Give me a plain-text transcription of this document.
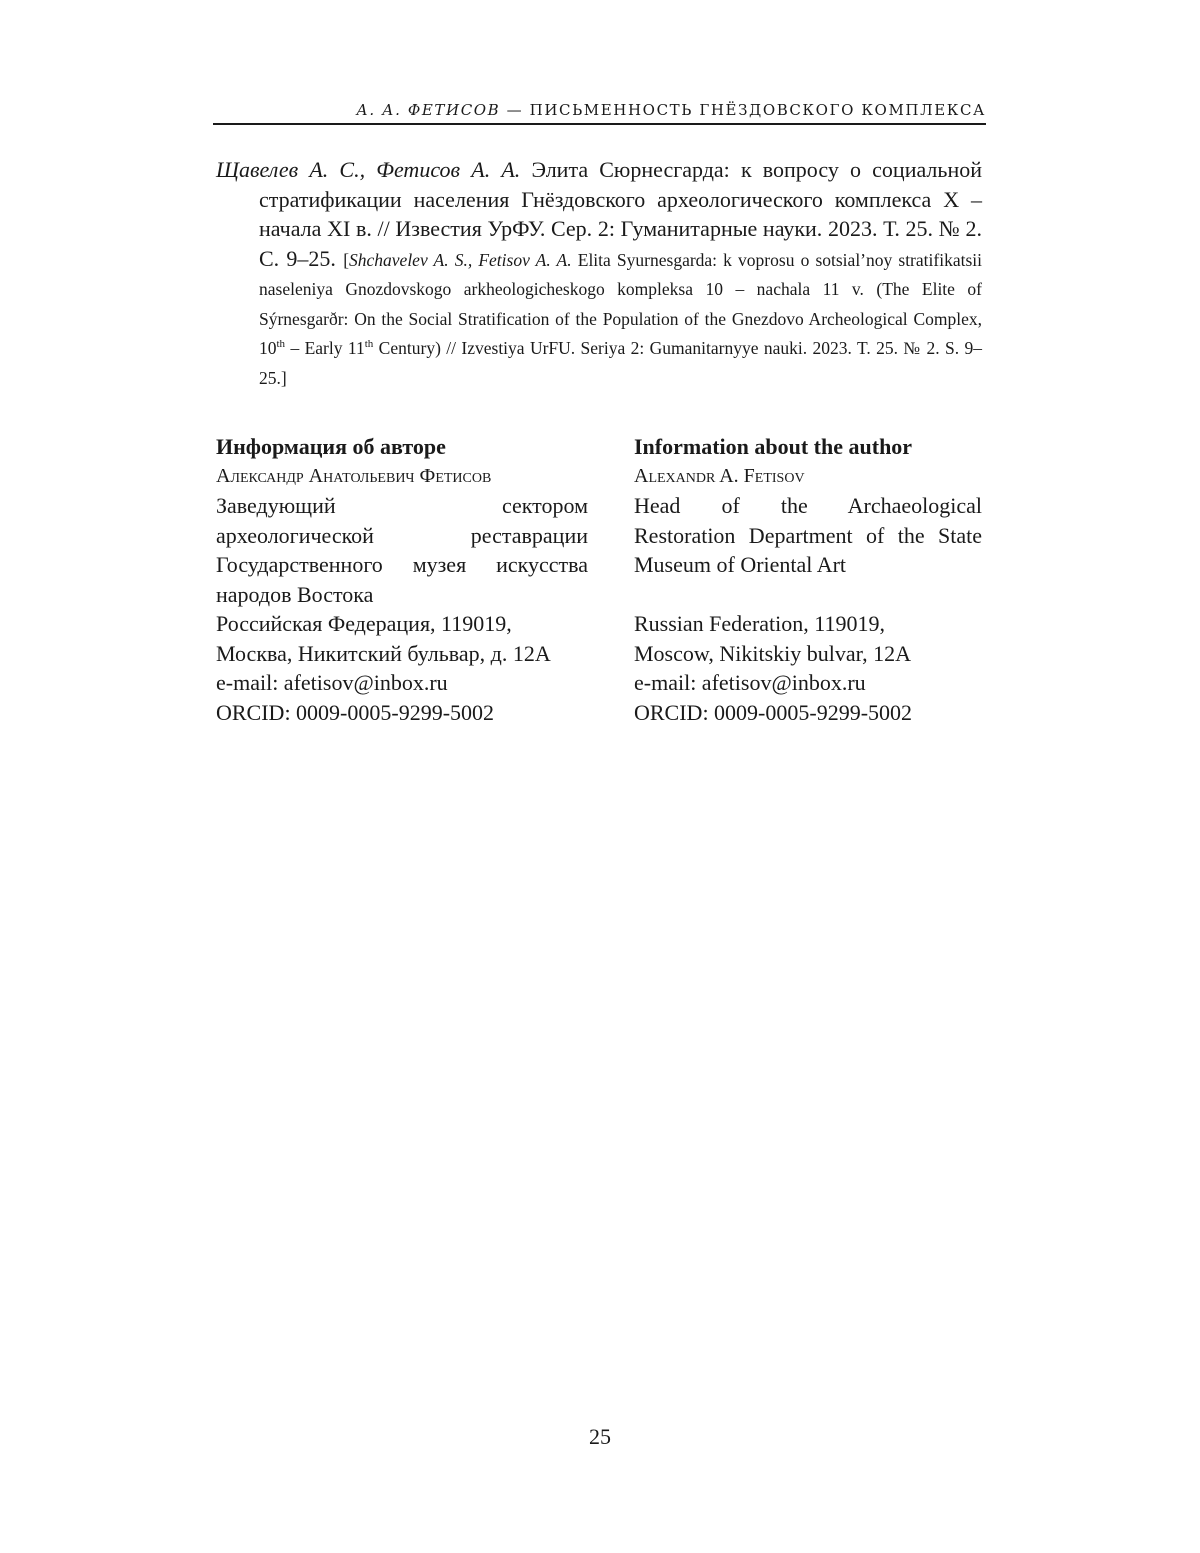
А. А. ФЕТИСОВ — ПИСЬМЕННОСТЬ ГНЁЗДОВСКОГО КОМПЛЕКСА
Щавелев А. С., Фетисов А. А. Элита Сюрнесгарда: к вопросу о социальной стратификации населения Гнёздовского археологического комплекса X – начала XI в. // Известия УрФУ. Сер. 2: Гуманитарные науки. 2023. Т. 25. № 2. С. 9–25. [Shchavelev A. S., Fetisov A. A. Elita Syurnesgarda: k voprosu o sotsial’noy stratifikatsii naseleniya Gnozdovskogo arkheologicheskogo kompleksa 10 – nachala 11 v. (The Elite of Sýrnesgarðr: On the Social Stratification of the Population of the Gnezdovo Archeological Complex, 10th – Early 11th Century) // Izvestiya UrFU. Seriya 2: Gumanitarnyye nauki. 2023. T. 25. № 2. S. 9–25.]

Информация об авторе

Александр Анатольевич Фетисов

Заведующий сектором археологической реставрации Государственного музея искусства народов Востока

Российская Федерация, 119019,

Москва, Никитский бульвар, д. 12А

e-mail: afetisov@inbox.ru

ORCID: 0009-0005-9299-5002

Information about the author

Alexandr A. Fetisov

Head of the Archaeological Restoration Department of the State Museum of Oriental Art

Russian Federation, 119019,

Moscow, Nikitskiy bulvar, 12A

e-mail: afetisov@inbox.ru

ORCID: 0009-0005-9299-5002

25
